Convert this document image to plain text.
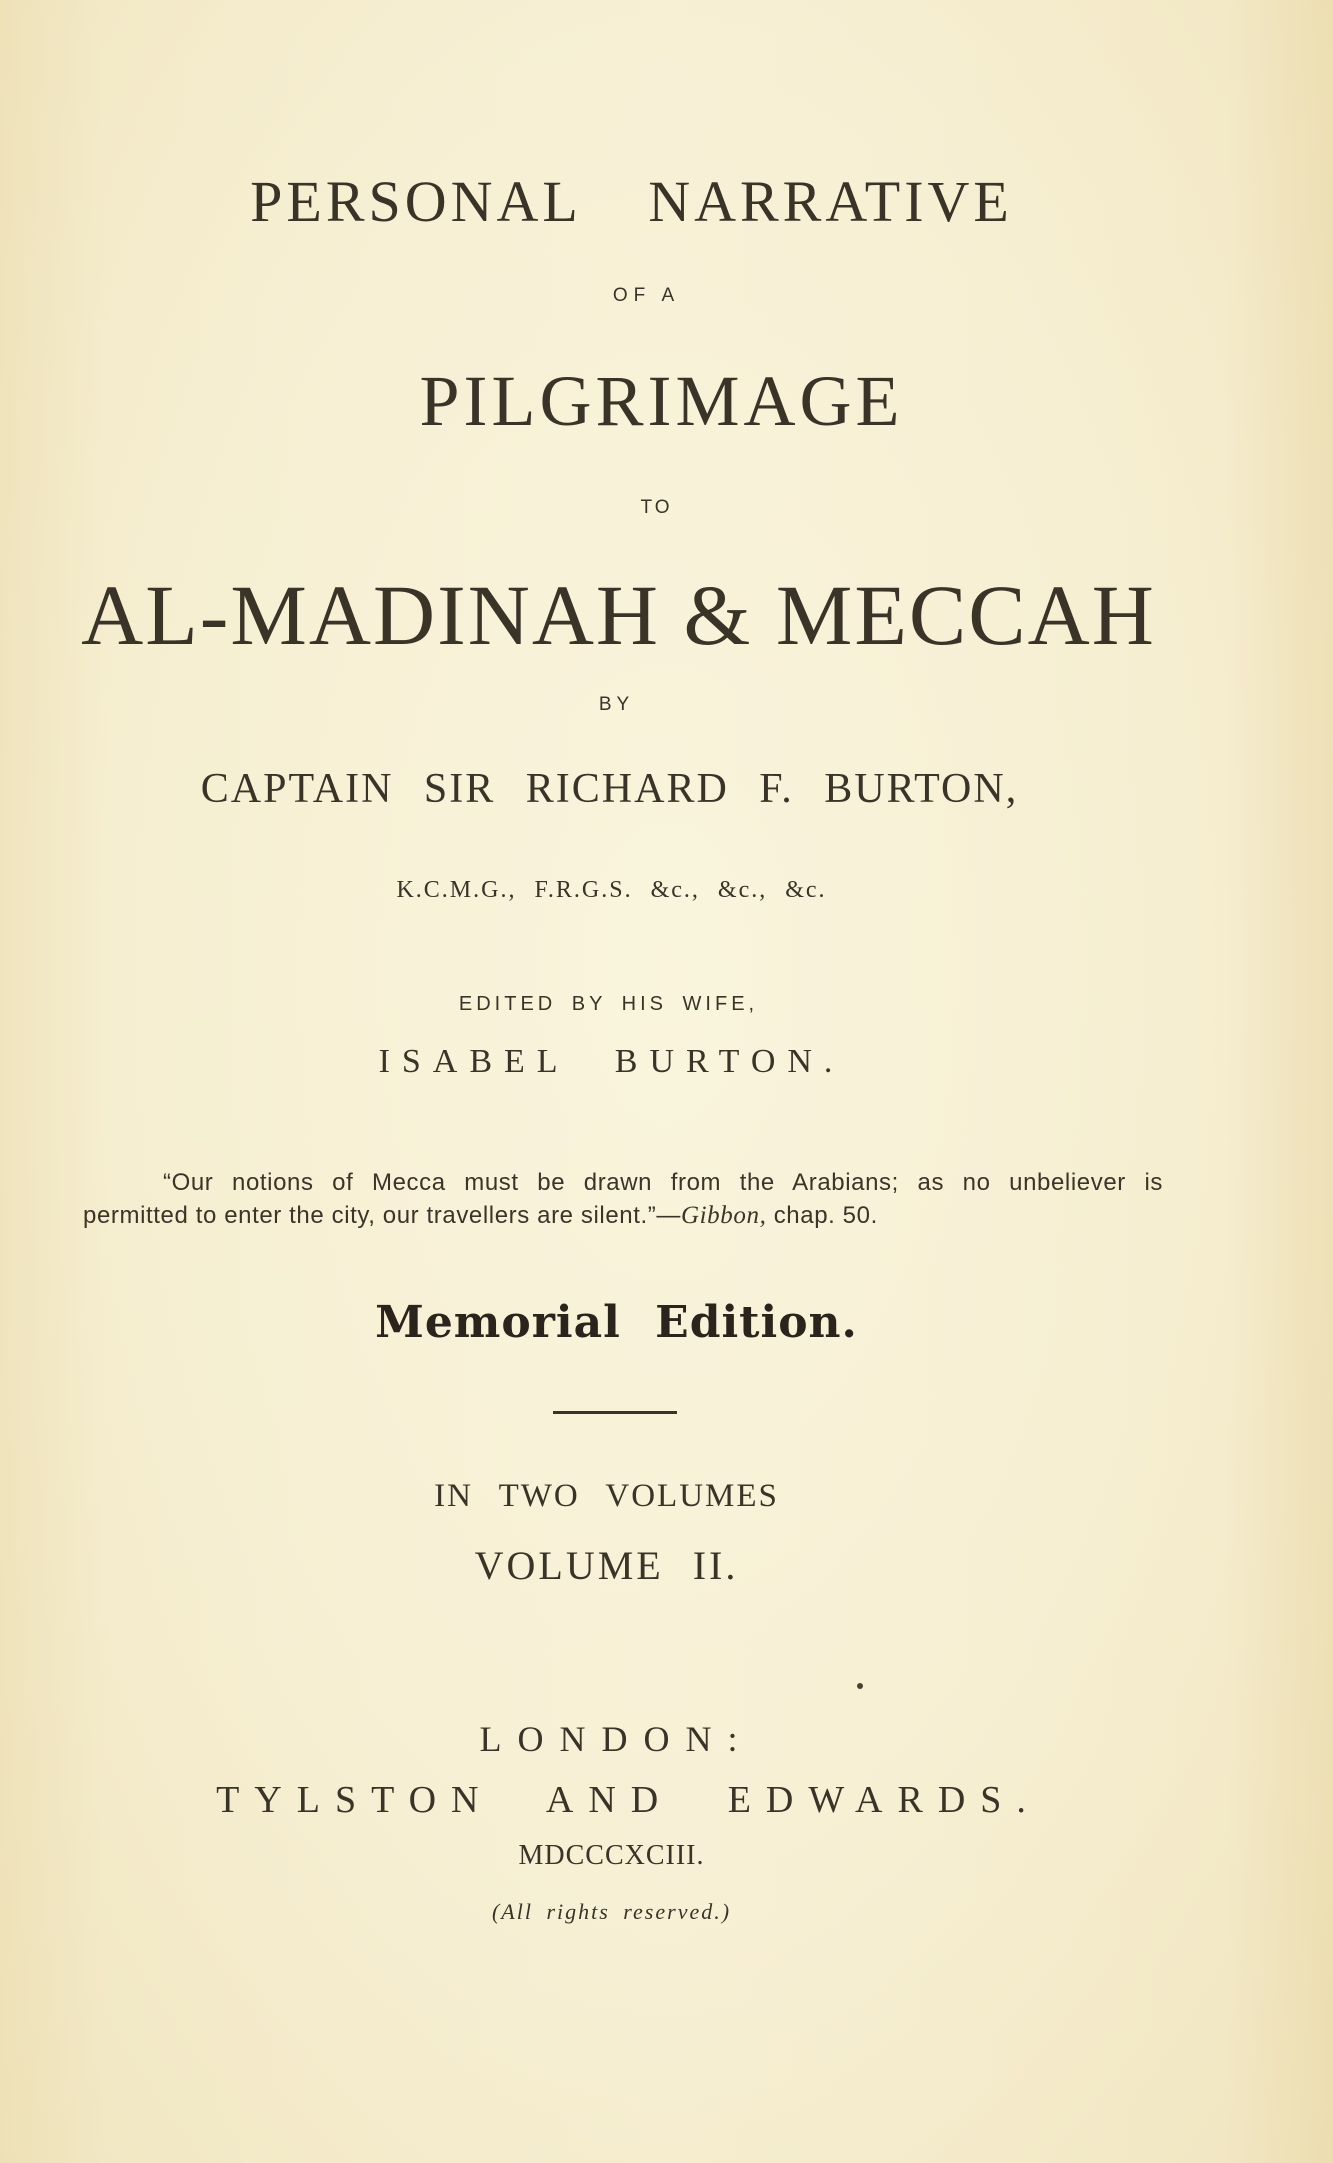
PERSONAL NARRATIVE
OF A
PILGRIMAGE
TO
AL-MADINAH & MECCAH
BY
CAPTAIN SIR RICHARD F. BURTON,
K.C.M.G., F.R.G.S. &c., &c., &c.
EDITED BY HIS WIFE,
ISABEL BURTON.
“Our notions of Mecca must be drawn from the Arabians; as no unbeliever is
permitted to enter the city, our travellers are silent.”—Gibbon, chap. 50.
Memorial Edition.
IN TWO VOLUMES
VOLUME II.
LONDON:
TYLSTON AND EDWARDS.
MDCCCXCIII.
(All rights reserved.)
